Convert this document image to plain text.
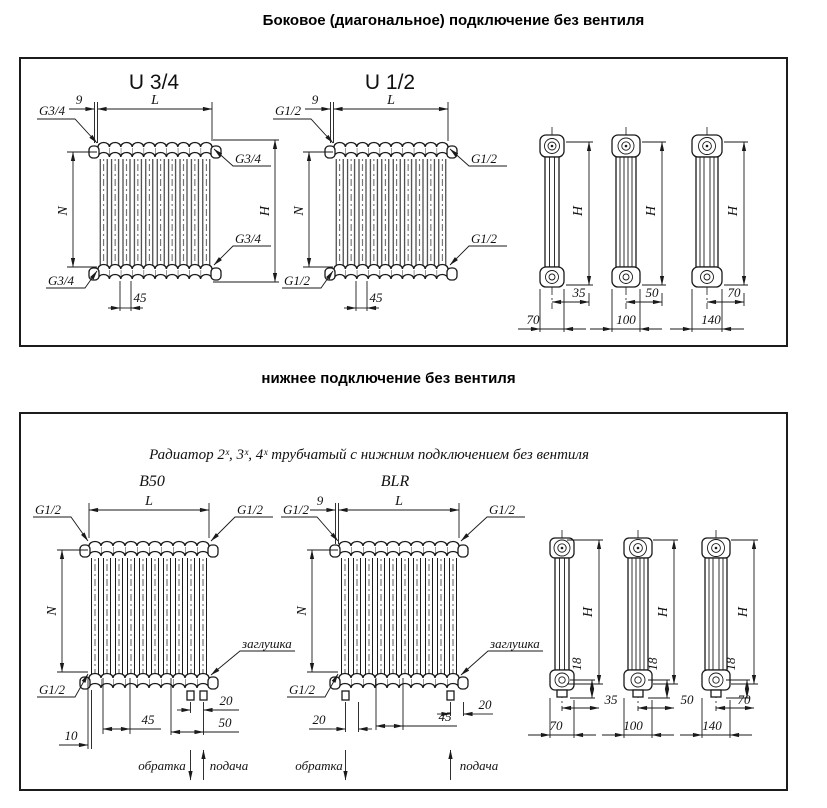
Боковое (диагональное) подключение без вентиля
U 3/4
9	L
G3/4
G3/4
G3/4
G3/4
N	H
45
U 1/2
9	L
G1/2
G1/2
G1/2
G1/2
N
45
H
35
70
H
50
100
H
70
140
нижнее подключение без вентиля
Радиатор 2ˣ, 3ˣ, 4ˣ трубчатый с нижним подключением без вентиля
B50
L
G1/2	G1/2
G1/2
N
заглушка
20
50
45
10
обратка подача
BLR
9	L
G1/2	G1/2
G1/2
N
заглушка
20	45
20
обратка	подача
H
18
35
70
H
18
50
100
H
18
70
140
